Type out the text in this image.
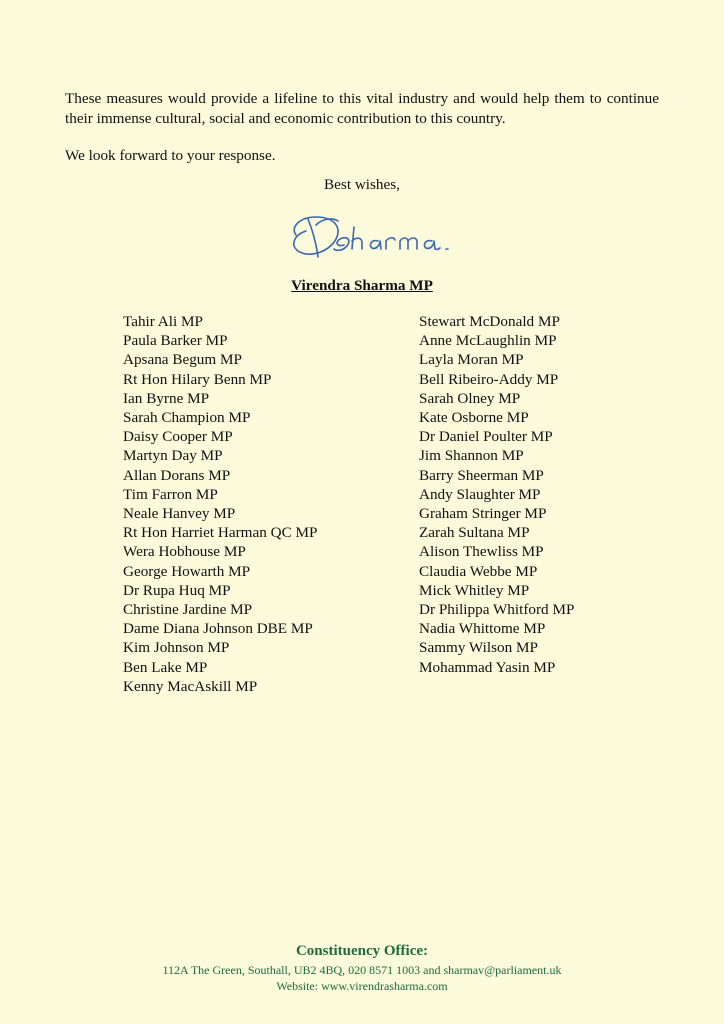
These measures would provide a lifeline to this vital industry and would help them to continue their immense cultural, social and economic contribution to this country.

We look forward to your response.

Best wishes,
Virendra Sharma MP
Tahir Ali MP
Paula Barker MP
Apsana Begum MP
Rt Hon Hilary Benn MP
Ian Byrne MP
Sarah Champion MP
Daisy Cooper MP
Martyn Day MP
Allan Dorans MP
Tim Farron MP
Neale Hanvey MP
Rt Hon Harriet Harman QC MP
Wera Hobhouse MP
George Howarth MP
Dr Rupa Huq MP
Christine Jardine MP
Dame Diana Johnson DBE MP
Kim Johnson MP
Ben Lake MP
Kenny MacAskill MP
Stewart McDonald MP
Anne McLaughlin MP
Layla Moran MP
Bell Ribeiro-Addy MP
Sarah Olney MP
Kate Osborne MP
Dr Daniel Poulter MP
Jim Shannon MP
Barry Sheerman MP
Andy Slaughter MP
Graham Stringer MP
Zarah Sultana MP
Alison Thewliss MP
Claudia Webbe MP
Mick Whitley MP
Dr Philippa Whitford MP
Nadia Whittome MP
Sammy Wilson MP
Mohammad Yasin MP
Constituency Office:
112A The Green, Southall, UB2 4BQ, 020 8571 1003 and sharmav@parliament.uk
Website: www.virendrasharma.com
